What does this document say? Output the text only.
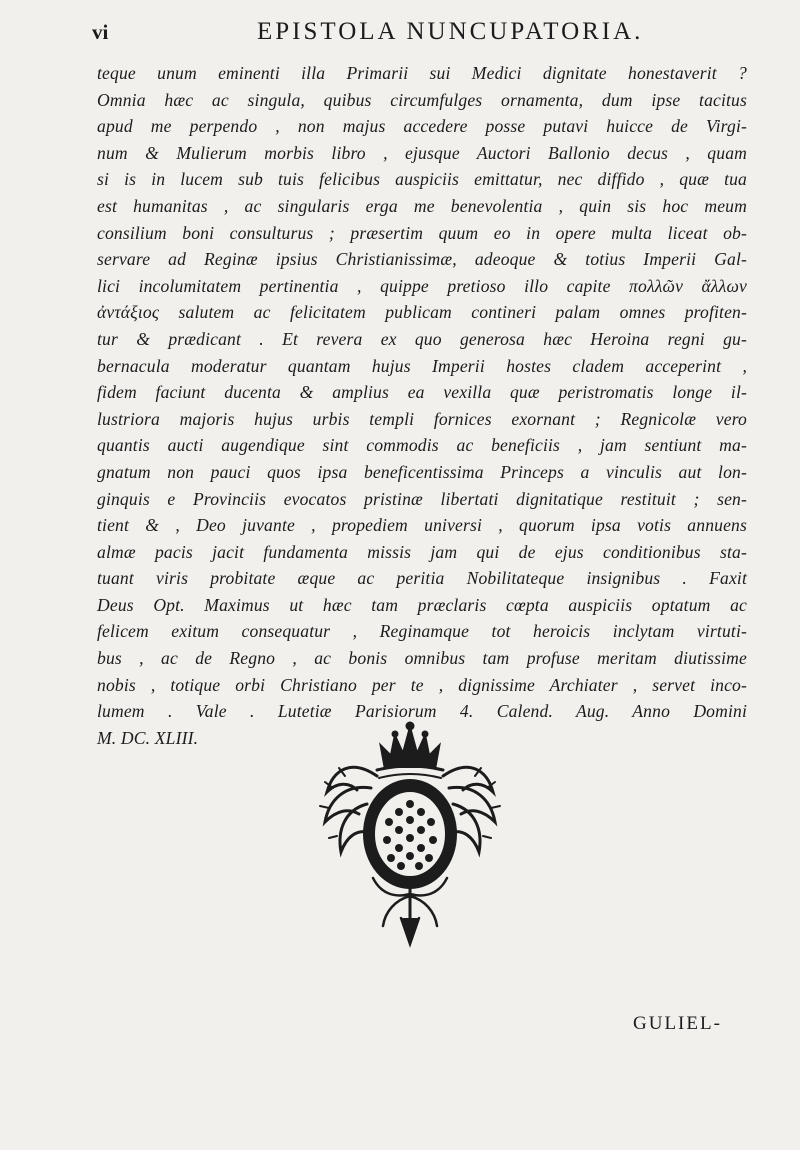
vi	EPISTOLA NUNCUPATORIA.
teque unum eminenti illa Primarii sui Medici dignitate honestaverit ?
Omnia hæc ac singula, quibus circumfulges ornamenta, dum ipse tacitus
apud me perpendo , non majus accedere posse putavi huicce de Virgi-
num & Mulierum morbis libro , ejusque Auctori Ballonio decus , quam
si is in lucem sub tuis felicibus auspiciis emittatur, nec diffido , quæ tua
est humanitas , ac singularis erga me benevolentia , quin sis hoc meum
consilium boni consulturus ; præsertim quum eo in opere multa liceat ob-
servare ad Reginæ ipsius Christianissimæ, adeoque & totius Imperii Gal-
lici incolumitatem pertinentia , quippe pretioso illo capite πολλῶν ἄλλων
ἀντάξιος salutem ac felicitatem publicam contineri palam omnes profiten-
tur & prædicant . Et revera ex quo generosa hæc Heroina regni gu-
bernacula moderatur quantam hujus Imperii hostes cladem acceperint ,
fidem faciunt ducenta & amplius ea vexilla quæ peristromatis longe il-
lustriora majoris hujus urbis templi fornices exornant ; Regnicolæ vero
quantis aucti augendique sint commodis ac beneficiis , jam sentiunt ma-
gnatum non pauci quos ipsa beneficentissima Princeps a vinculis aut lon-
ginquis e Provinciis evocatos pristinæ libertati dignitatique restituit ; sen-
tient & , Deo juvante , propediem universi , quorum ipsa votis annuens
almæ pacis jacit fundamenta missis jam qui de ejus conditionibus sta-
tuant viris probitate æque ac peritia Nobilitateque insignibus . Faxit
Deus Opt. Maximus ut hæc tam præclaris cœpta auspiciis optatum ac
felicem exitum consequatur , Reginamque tot heroicis inclytam virtuti-
bus , ac de Regno , ac bonis omnibus tam profuse meritam diutissime
nobis , totique orbi Christiano per te , dignissime Archiater , servet inco-
lumem . Vale . Lutetiæ Parisiorum 4. Calend. Aug. Anno Domini
M. DC. XLIII.
GULIEL-
